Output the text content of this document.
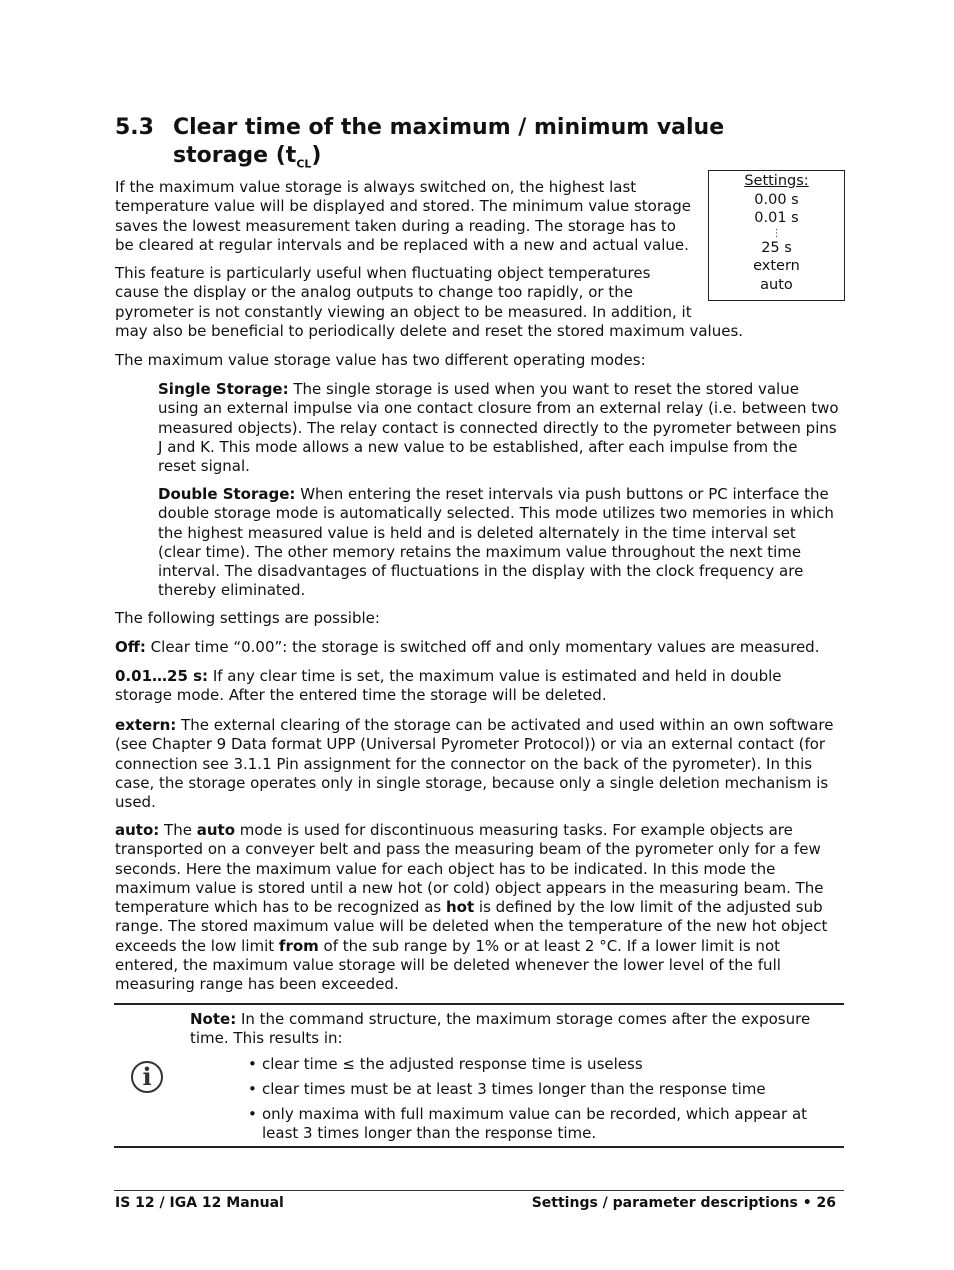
5.3 Clear time of the maximum / minimum value storage $(t_{CL})$
Settings:
0.00 s
0.01 s
⋮
25 s
extern
auto

If the maximum value storage is always switched on, the highest last temperature value will be displayed and stored. The minimum value storage saves the lowest measurement taken during a reading. The storage has to be cleared at regular intervals and be replaced with a new and actual value.

This feature is particularly useful when fluctuating object temperatures cause the display or the analog outputs to change too rapidly, or the pyrometer is not constantly viewing an object to be measured. In addition, it may also be beneficial to periodically delete and reset the stored maximum values.

The maximum value storage value has two different operating modes:

Single Storage: The single storage is used when you want to reset the stored value using an external impulse via one contact closure from an external relay (i.e. between two measured objects). The relay contact is connected directly to the pyrometer between pins J and K. This mode allows a new value to be established, after each impulse from the reset signal.

Double Storage: When entering the reset intervals via push buttons or PC interface the double storage mode is automatically selected. This mode utilizes two memories in which the highest measured value is held and is deleted alternately in the time interval set (clear time). The other memory retains the maximum value throughout the next time interval. The disadvantages of fluctuations in the display with the clock frequency are thereby eliminated.

The following settings are possible:

Off: Clear time “0.00”: the storage is switched off and only momentary values are measured.

0.01…25 s: If any clear time is set, the maximum value is estimated and held in double storage mode. After the entered time the storage will be deleted.

extern: The external clearing of the storage can be activated and used within an own software (see Chapter 9 Data format UPP (Universal Pyrometer Protocol)) or via an external contact (for connection see 3.1.1 Pin assignment for the connector on the back of the pyrometer). In this case, the storage operates only in single storage, because only a single deletion mechanism is used.

auto: The auto mode is used for discontinuous measuring tasks. For example objects are transported on a conveyer belt and pass the measuring beam of the pyrometer only for a few seconds. Here the maximum value for each object has to be indicated. In this mode the maximum value is stored until a new hot (or cold) object appears in the measuring beam. The temperature which has to be recognized as hot is defined by the low limit of the adjusted sub range. The stored maximum value will be deleted when the temperature of the new hot object exceeds the low limit from of the sub range by 1% or at least 2 °C. If a lower limit is not entered, the maximum value storage will be deleted whenever the lower level of the full measuring range has been exceeded.

i
Note: In the command structure, the maximum storage comes after the exposure time. This results in:
• clear time ≤ the adjusted response time is useless
• clear times must be at least 3 times longer than the response time
• only maxima with full maximum value can be recorded, which appear at least 3 times longer than the response time.
IS 12 / IGA 12 Manual	Settings / parameter descriptions • 26
